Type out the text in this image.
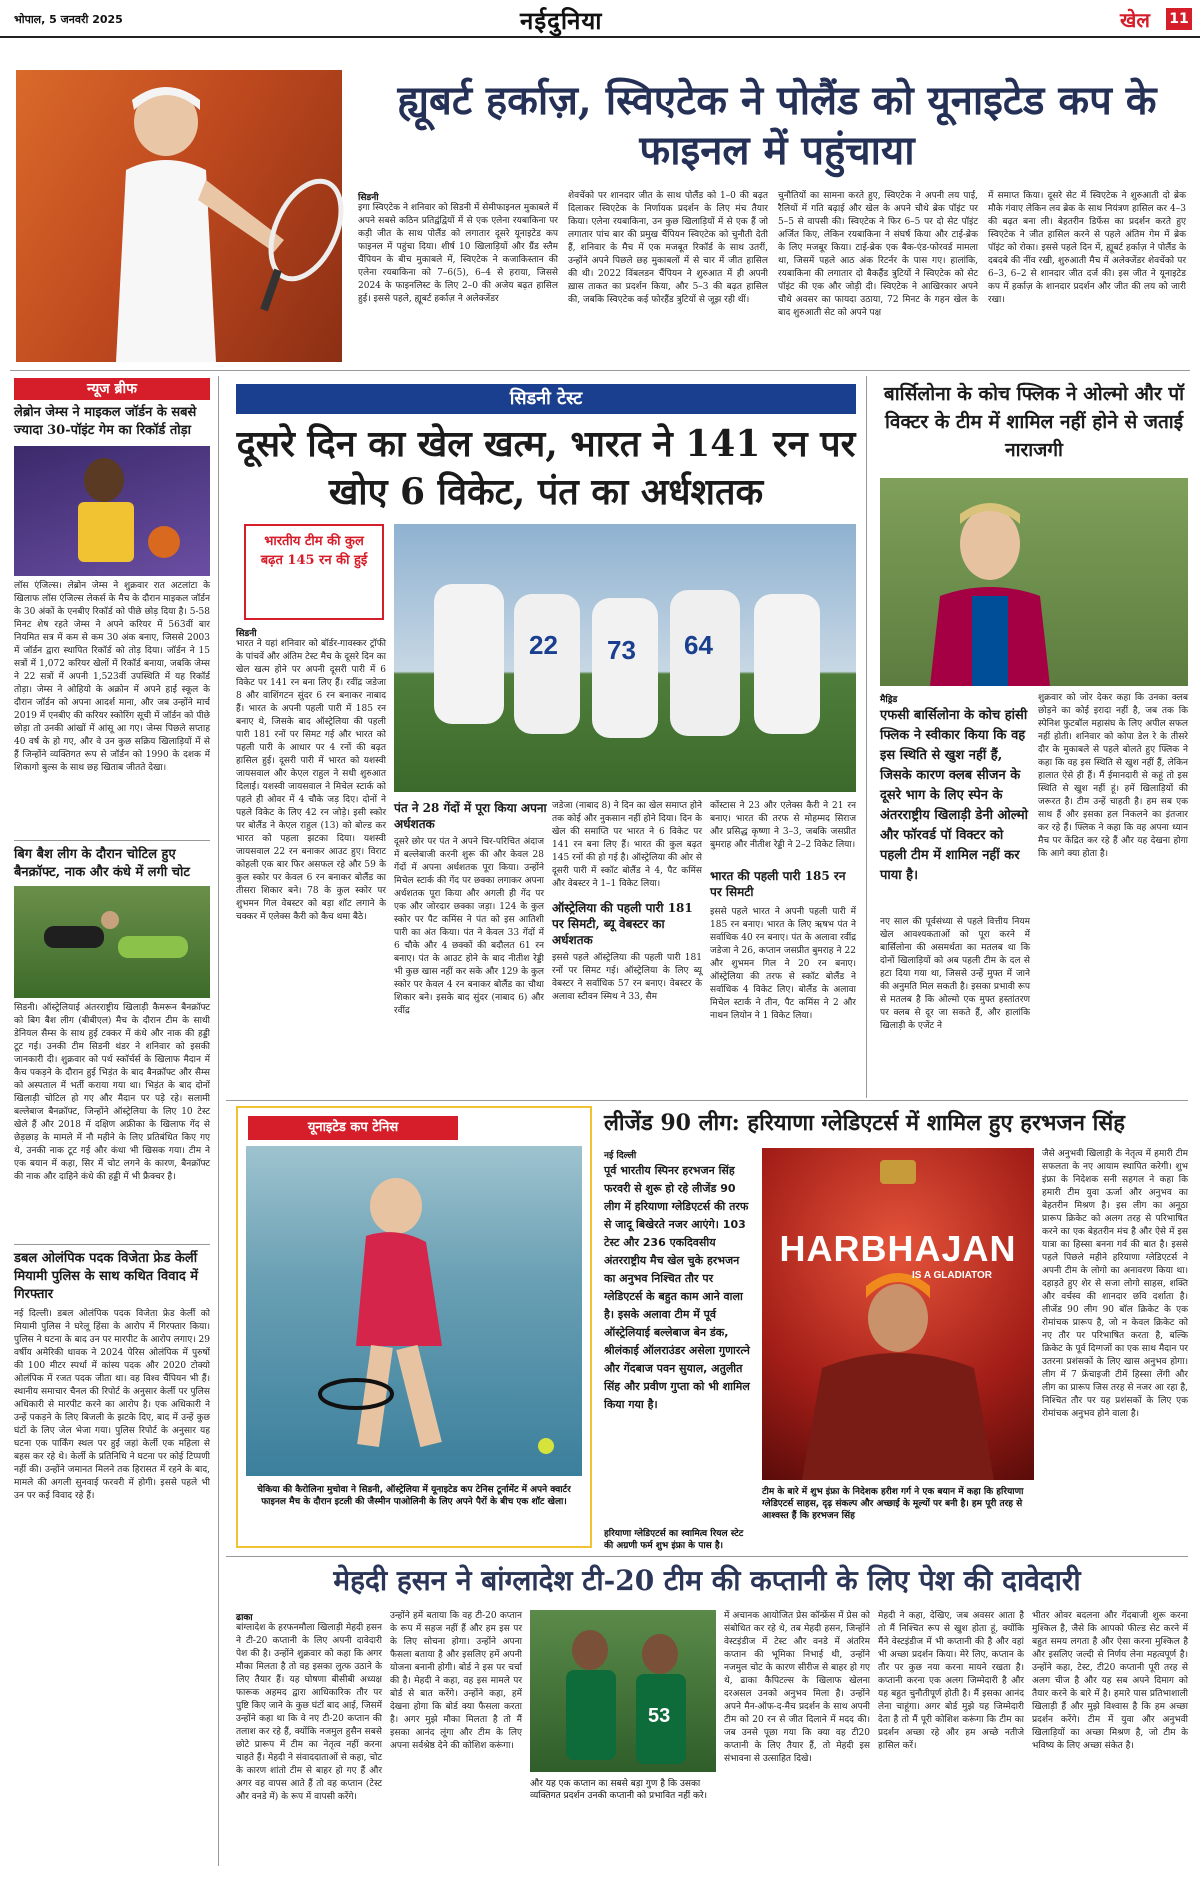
भोपाल, 5 जनवरी 2025	नईदुनिया	खेल 11
ह्यूबर्ट हर्काज़, स्विएटेक ने पोलैंड को यूनाइटेड कप के फाइनल में पहुंचाया
सिडनी

इगा स्विएटेक ने शनिवार को सिडनी में सेमीफाइनल मुकाबले में अपने सबसे कठिन प्रतिद्वंद्वियों में से एक एलेना रयबाकिना पर कड़ी जीत के साथ पोलैंड को लगातार दूसरे यूनाइटेड कप फाइनल में पहुंचा दिया। शीर्ष 10 खिलाड़ियों और ग्रैंड स्लैम चैंपियन के बीच मुकाबले में, स्विएटेक ने कजाकिस्तान की एलेना रयबाकिना को 7–6(5), 6–4 से हराया, जिससे 2024 के फाइनलिस्ट के लिए 2–0 की अजेय बढ़त हासिल हुई। इससे पहले, ह्यूबर्ट हर्काज़ ने अलेक्जेंडर

शेवचेंको पर शानदार जीत के साथ पोलैंड को 1–0 की बढ़त दिलाकर स्विएटेक के निर्णायक प्रदर्शन के लिए मंच तैयार किया। एलेना रयबाकिना, उन कुछ खिलाड़ियों में से एक हैं जो लगातार पांच बार की प्रमुख चैंपियन स्विएटेक को चुनौती देती हैं, शनिवार के मैच में एक मजबूत रिकॉर्ड के साथ उतरीं, उन्होंने अपने पिछले छह मुकाबलों में से चार में जीत हासिल की थी। 2022 विंबलडन चैंपियन ने शुरुआत में ही अपनी ख़ास ताकत का प्रदर्शन किया, और 5–3 की बढ़त हासिल की, जबकि स्विएटेक कई फोरहैंड त्रुटियों से जूझ रही थीं।

चुनौतियों का सामना करते हुए, स्विएटेक ने अपनी लय पाई, रैलियों में गति बढ़ाई और खेल के अपने चौथे ब्रेक पॉइंट पर 5–5 से वापसी की। स्विएटेक ने फिर 6–5 पर दो सेट पॉइंट अर्जित किए, लेकिन रयबाकिना ने संघर्ष किया और टाई-ब्रेक के लिए मजबूर किया। टाई-ब्रेक एक बैक-एंड-फोरवर्ड मामला था, जिसमें पहले आठ अंक रिटर्नर के पास गए। हालांकि, रयबाकिना की लगातार दो बैकहैंड त्रुटियों ने स्विएटेक को सेट पॉइंट की एक और जोड़ी दी। स्विएटेक ने आखिरकार अपने चौथे अवसर का फायदा उठाया, 72 मिनट के गहन खेल के बाद शुरुआती सेट को अपने पक्ष

में समाप्त किया। दूसरे सेट में स्विएटेक ने शुरुआती दो ब्रेक मौके गंवाए लेकिन लव ब्रेक के साथ नियंत्रण हासिल कर 4–3 की बढ़त बना ली। बेहतरीन डिफेंस का प्रदर्शन करते हुए स्विएटेक ने जीत हासिल करने से पहले अंतिम गेम में ब्रेक पॉइंट को रोका। इससे पहले दिन में, ह्यूबर्ट हर्काज़ ने पोलैंड के दबदबे की नींव रखी, शुरुआती मैच में अलेक्जेंडर शेवचेंको पर 6–3, 6–2 से शानदार जीत दर्ज की। इस जीत ने यूनाइटेड कप में हर्काज़ के शानदार प्रदर्शन और जीत की लय को जारी रखा।

न्यूज ब्रीफ
लेब्रोन जेम्स ने माइकल जॉर्डन के सबसे ज्यादा 30-पॉइंट गेम का रिकॉर्ड तोड़ा

लॉस एंजिल्स। लेब्रोन जेम्स ने शुक्रवार रात अटलांटा के खिलाफ लॉस एंजिल्स लेकर्स के मैच के दौरान माइकल जॉर्डन के 30 अंकों के एनबीए रिकॉर्ड को पीछे छोड़ दिया है। 5-58 मिनट शेष रहते जेम्स ने अपने करियर में 563वीं बार नियमित सत्र में कम से कम 30 अंक बनाए, जिससे 2003 में जॉर्डन द्वारा स्थापित रिकॉर्ड को तोड़ दिया। जॉर्डन ने 15 सत्रों में 1,072 करियर खेलों में रिकॉर्ड बनाया, जबकि जेम्स ने 22 सत्रों में अपनी 1,523वीं उपस्थिति में यह रिकॉर्ड तोड़ा। जेम्स ने ओहियो के अक्रोन में अपने हाई स्कूल के दौरान जॉर्डन को अपना आदर्श माना, और जब उन्होंने मार्च 2019 में एनबीए की करियर स्कोरिंग सूची में जॉर्डन को पीछे छोड़ा तो उनकी आंखों में आंसू आ गए। जेम्स पिछले सप्ताह 40 वर्ष के हो गए, और वे उन कुछ सक्रिय खिलाड़ियों में से हैं जिन्होंने व्यक्तिगत रूप से जॉर्डन को 1990 के दशक में शिकागो बुल्स के साथ छह खिताब जीतते देखा।

बिग बैश लीग के दौरान चोटिल हुए बैनक्रॉफ्ट, नाक और कंधे में लगी चोट

सिडनी। ऑस्ट्रेलियाई अंतरराष्ट्रीय खिलाड़ी कैमरून बैनक्रॉफ्ट को बिग बैश लीग (बीबीएल) मैच के दौरान टीम के साथी डेनियल सैम्स के साथ हुई टक्कर में कंधे और नाक की हड्डी टूट गई। उनकी टीम सिडनी थंडर ने शनिवार को इसकी जानकारी दी। शुक्रवार को पर्थ स्कॉर्चर्स के खिलाफ मैदान में कैच पकड़ने के दौरान हुई भिड़ंत के बाद बैनक्रॉफ्ट और सैम्स को अस्पताल में भर्ती कराया गया था। भिड़ंत के बाद दोनों खिलाड़ी चोटिल हो गए और मैदान पर पड़े रहे। सलामी बल्लेबाज बैनक्रॉफ्ट, जिन्होंने ऑस्ट्रेलिया के लिए 10 टेस्ट खेले हैं और 2018 में दक्षिण अफ्रीका के खिलाफ गेंद से छेड़छाड़ के मामले में नौ महीने के लिए प्रतिबंधित किए गए थे, उनकी नाक टूट गई और कंधा भी खिसक गया। टीम ने एक बयान में कहा, सिर में चोट लगने के कारण, बैनक्रॉफ्ट की नाक और दाहिने कंधे की हड्डी में भी फ्रैक्चर है।

डबल ओलंपिक पदक विजेता फ्रेड केर्ली मियामी पुलिस के साथ कथित विवाद में गिरफ्तार

नई दिल्ली। डबल ओलंपिक पदक विजेता फ्रेड केर्ली को मियामी पुलिस ने घरेलू हिंसा के आरोप में गिरफ्तार किया। पुलिस ने घटना के बाद उन पर मारपीट के आरोप लगाए। 29 वर्षीय अमेरिकी धावक ने 2024 पेरिस ओलंपिक में पुरुषों की 100 मीटर स्पर्धा में कांस्य पदक और 2020 टोक्यो ओलंपिक में रजत पदक जीता था। वह विश्व चैंपियन भी हैं। स्थानीय समाचार चैनल की रिपोर्ट के अनुसार केर्ली पर पुलिस अधिकारी से मारपीट करने का आरोप है। एक अधिकारी ने उन्हें पकड़ने के लिए बिजली के झटके दिए, बाद में उन्हें कुछ घंटों के लिए जेल भेजा गया। पुलिस रिपोर्ट के अनुसार यह घटना एक पार्किंग स्थल पर हुई जहां केर्ली एक महिला से बहस कर रहे थे। केर्ली के प्रतिनिधि ने घटना पर कोई टिप्पणी नहीं की। उन्होंने जमानत मिलने तक हिरासत में रहने के बाद, मामले की अगली सुनवाई फरवरी में होगी। इससे पहले भी उन पर कई विवाद रहे हैं।

सिडनी टेस्ट
दूसरे दिन का खेल खत्म, भारत ने 141 रन पर खोए 6 विकेट, पंत का अर्धशतक
भारतीय टीम की कुल बढ़त 145 रन की हुई
22 73 64
पंत ने 28 गेंदों में पूरा किया अपना अर्धशतक
सिडनी

भारत ने यहां शनिवार को बॉर्डर-गावस्कर ट्रॉफी के पांचवें और अंतिम टेस्ट मैच के दूसरे दिन का खेल खत्म होने पर अपनी दूसरी पारी में 6 विकेट पर 141 रन बना लिए हैं। रवींद्र जडेजा 8 और वाशिंगटन सुंदर 6 रन बनाकर नाबाद हैं। भारत के अपनी पहली पारी में 185 रन बनाए थे, जिसके बाद ऑस्ट्रेलिया की पहली पारी 181 रनों पर सिमट गई और भारत को पहली पारी के आधार पर 4 रनों की बढ़त हासिल हुई। दूसरी पारी में भारत को यशस्वी जायसवाल और केएल राहुल ने सधी शुरुआत दिलाई। यशस्वी जायसवाल ने मिचेल स्टार्क को पहले ही ओवर में 4 चौके जड़ दिए। दोनों ने पहले विकेट के लिए 42 रन जोड़े। इसी स्कोर पर बोलैंड ने केएल राहुल (13) को बोल्ड कर भारत को पहला झटका दिया। यशस्वी जायसवाल 22 रन बनाकर आउट हुए। विराट कोहली एक बार फिर असफल रहे और 59 के कुल स्कोर पर केवल 6 रन बनाकर बोलैंड का तीसरा शिकार बने। 78 के कुल स्कोर पर शुभमन गिल वेबस्टर को बड़ा शॉट लगाने के चक्कर में एलेक्स कैरी को कैच थमा बैठे।

दूसरे छोर पर पंत ने अपने चिर-परिचित अंदाज में बल्लेबाजी करनी शुरू की और केवल 28 गेंदों में अपना अर्धशतक पूरा किया। उन्होंने मिचेल स्टार्क की गेंद पर छक्का लगाकर अपना अर्धशतक पूरा किया और अगली ही गेंद पर एक और जोरदार छक्का जड़ा। 124 के कुल स्कोर पर पैट कमिंस ने पंत को इस आतिशी पारी का अंत किया। पंत ने केवल 33 गेंदों में 6 चौके और 4 छक्कों की बदौलत 61 रन बनाए। पंत के आउट होने के बाद नीतीश रेड्डी भी कुछ खास नहीं कर सके और 129 के कुल स्कोर पर केवल 4 रन बनाकर बोलैंड का चौथा शिकार बने। इसके बाद सुंदर (नाबाद 6) और रवींद्र

जडेजा (नाबाद 8) ने दिन का खेल समाप्त होने तक कोई और नुकसान नहीं होने दिया। दिन के खेल की समाप्ति पर भारत ने 6 विकेट पर 141 रन बना लिए हैं। भारत की कुल बढ़त 145 रनों की हो गई है। ऑस्ट्रेलिया की ओर से दूसरी पारी में स्कॉट बोलैंड ने 4, पैट कमिंस और वेबस्टर ने 1–1 विकेट लिया।

ऑस्ट्रेलिया की पहली पारी 181 पर सिमटी, ब्यू वेबस्टर का अर्धशतक

इससे पहले ऑस्ट्रेलिया की पहली पारी 181 रनों पर सिमट गई। ऑस्ट्रेलिया के लिए ब्यू वेबस्टर ने सर्वाधिक 57 रन बनाए। वेबस्टर के अलावा स्टीवन स्मिथ ने 33, सैम

कोंस्टास ने 23 और एलेक्स कैरी ने 21 रन बनाए। भारत की तरफ से मोहम्मद सिराज और प्रसिद्ध कृष्णा ने 3–3, जबकि जसप्रीत बुमराह और नीतीश रेड्डी ने 2–2 विकेट लिया।

भारत की पहली पारी 185 रन पर सिमटी

इससे पहले भारत ने अपनी पहली पारी में 185 रन बनाए। भारत के लिए ऋषभ पंत ने सर्वाधिक 40 रन बनाए। पंत के अलावा रवींद्र जडेजा ने 26, कप्तान जसप्रीत बुमराह ने 22 और शुभमन गिल ने 20 रन बनाए। ऑस्ट्रेलिया की तरफ से स्कॉट बोलैंड ने सर्वाधिक 4 विकेट लिए। बोलैंड के अलावा मिचेल स्टार्क ने तीन, पैट कमिंस ने 2 और नाथन लियोन ने 1 विकेट लिया।

बार्सिलोना के कोच फ्लिक ने ओल्मो और पॉ विक्टर के टीम में शामिल नहीं होने से जताई नाराजगी
मैड्रिड
एफसी बार्सिलोना के कोच हांसी फ्लिक ने स्वीकार किया कि वह इस स्थिति से खुश नहीं हैं, जिसके कारण क्लब सीजन के दूसरे भाग के लिए स्पेन के अंतरराष्ट्रीय खिलाड़ी डेनी ओल्मो और फॉरवर्ड पॉ विक्टर को पहली टीम में शामिल नहीं कर पाया है।

नए साल की पूर्वसंध्या से पहले वित्तीय नियम खेल आवश्यकताओं को पूरा करने में बार्सिलोना की असमर्थता का मतलब था कि दोनों खिलाड़ियों को अब पहली टीम के दल से हटा दिया गया था, जिससे उन्हें मुफ्त में जाने की अनुमति मिल सकती है। इसका प्रभावी रूप से मतलब है कि ओल्मो एक मुफ्त हस्तांतरण पर क्लब से दूर जा सकते हैं, और हालांकि खिलाड़ी के एजेंट ने

शुक्रवार को जोर देकर कहा कि उनका क्लब छोड़ने का कोई इरादा नहीं है, जब तक कि स्पेनिश फुटबॉल महासंघ के लिए अपील सफल नहीं होती। शनिवार को कोपा डेल रे के तीसरे दौर के मुकाबले से पहले बोलते हुए फ्लिक ने कहा कि वह इस स्थिति से खुश नहीं हैं, लेकिन हालात ऐसे ही हैं। मैं ईमानदारी से कहूं तो इस स्थिति से खुश नहीं हूं। हमें खिलाड़ियों की जरूरत है। टीम उन्हें चाहती है। हम सब एक साथ हैं और इसका हल निकलने का इंतजार कर रहे हैं। फ्लिक ने कहा कि वह अपना ध्यान मैच पर केंद्रित कर रहे हैं और यह देखना होगा कि आगे क्या होता है।

यूनाइटेड कप टेनिस
चेकिया की कैरोलिना मुचोवा ने सिडनी, ऑस्ट्रेलिया में यूनाइटेड कप टेनिस टूर्नामेंट में अपने क्वार्टर फाइनल मैच के दौरान इटली की जैस्मीन पाओलिनी के लिए अपने पैरों के बीच एक शॉट खेला।
लीजेंड 90 लीग: हरियाणा ग्लेडिएटर्स में शामिल हुए हरभजन सिंह
नई दिल्ली
पूर्व भारतीय स्पिनर हरभजन सिंह फरवरी से शुरू हो रहे लीजेंड 90 लीग में हरियाणा ग्लेडिएटर्स की तरफ से जादू बिखेरते नजर आएंगे। 103 टेस्ट और 236 एकदिवसीय अंतरराष्ट्रीय मैच खेल चुके हरभजन का अनुभव निश्चित तौर पर ग्लेडिएटर्स के बहुत काम आने वाला है। इसके अलावा टीम में पूर्व ऑस्ट्रेलियाई बल्लेबाज बेन डंक, श्रीलंकाई ऑलराउंडर असेला गुणारत्ने और गेंदबाज पवन सुयाल, अतुलीत सिंह और प्रवीण गुप्ता को भी शामिल किया गया है।
HARBHAJAN
IS A GLADIATOR
हरियाणा ग्लेडिएटर्स का स्वामित्व रियल स्टेट की अग्रणी फर्म शुभ इंफ्रा के पास है।
टीम के बारे में शुभ इंफ्रा के निदेशक हरीश गर्ग ने एक बयान में कहा कि हरियाणा ग्लेडिएटर्स साहस, दृढ़ संकल्प और अच्छाई के मूल्यों पर बनी है। हम पूरी तरह से आश्वस्त हैं कि हरभजन सिंह

जैसे अनुभवी खिलाड़ी के नेतृत्व में हमारी टीम सफलता के नए आयाम स्थापित करेगी। शुभ इंफ्रा के निदेशक सनी सहगल ने कहा कि हमारी टीम युवा ऊर्जा और अनुभव का बेहतरीन मिश्रण है। इस लीग का अनूठा प्रारूप क्रिकेट को अलग तरह से परिभाषित करने का एक बेहतरीन मंच है और ऐसे में इस यात्रा का हिस्सा बनना गर्व की बात है। इससे पहले पिछले महीने हरियाणा ग्लेडिएटर्स ने अपनी टीम के लोगो का अनावरण किया था। दहाड़ते हुए शेर से सजा लोगो साहस, शक्ति और वर्चस्व की शानदार छवि दर्शाता है। लीजेंड 90 लीग 90 बॉल क्रिकेट के एक रोमांचक प्रारूप है, जो न केवल क्रिकेट को नए तौर पर परिभाषित करता है, बल्कि क्रिकेट के पूर्व दिग्गजों का एक साथ मैदान पर उतरना प्रशंसकों के लिए खास अनुभव होगा। लीग में 7 फ्रेंचाइजी टीमें हिस्सा लेंगी और लीग का प्रारूप जिस तरह से नजर आ रहा है, निश्चित तौर पर यह प्रशंसकों के लिए एक रोमांचक अनुभव होने वाला है।

मेहदी हसन ने बांग्लादेश टी-20 टीम की कप्तानी के लिए पेश की दावेदारी
ढाका

बांग्लादेश के हरफनमौला खिलाड़ी मेहदी हसन ने टी-20 कप्तानी के लिए अपनी दावेदारी पेश की है। उन्होंने शुक्रवार को कहा कि अगर मौका मिलता है तो वह इसका लुत्फ उठाने के लिए तैयार हैं। यह घोषणा बीसीबी अध्यक्ष फारूक अहमद द्वारा आधिकारिक तौर पर पुष्टि किए जाने के कुछ घंटों बाद आई, जिसमें उन्होंने कहा था कि वे नए टी-20 कप्तान की तलाश कर रहे हैं, क्योंकि नजमुल हुसैन सबसे छोटे प्रारूप में टीम का नेतृत्व नहीं करना चाहते हैं। मेहदी ने संवाददाताओं से कहा, चोट के कारण शांतो टीम से बाहर हो गए हैं और अगर वह वापस आते हैं तो वह कप्तान (टेस्ट और वनडे में) के रूप में वापसी करेंगे।

उन्होंने हमें बताया कि वह टी-20 कप्तान के रूप में सहज नहीं हैं और हम इस पर के लिए सोचना होगा। उन्होंने अपना फैसला बताया है और इसलिए हमें अपनी योजना बनानी होगी। बोर्ड ने इस पर चर्चा की है। मेहदी ने कहा, वह इस मामले पर बोर्ड से बात करेंगे। उन्होंने कहा, हमें देखना होगा कि बोर्ड क्या फैसला करता है। अगर मुझे मौका मिलता है तो मैं इसका आनंद लूंगा और टीम के लिए अपना सर्वश्रेष्ठ देने की कोशिश करूंगा।

53
और यह एक कप्तान का सबसे बड़ा गुण है कि उसका व्यक्तिगत प्रदर्शन उनकी कप्तानी को प्रभावित नहीं करे।

में अचानक आयोजित प्रेस कॉन्फ्रेंस में प्रेस को संबोधित कर रहे थे, तब मेहदी हसन, जिन्होंने वेस्टइंडीज में टेस्ट और वनडे में अंतरिम कप्तान की भूमिका निभाई थी, उन्होंने नजमुल चोट के कारण सीरीज से बाहर हो गए थे, ढाका कैपिटल्स के खिलाफ खेलना दरअसल उनको अनुभव मिला है। उन्होंने अपने मैन-ऑफ-द-मैच प्रदर्शन के साथ अपनी टीम को 20 रन से जीत दिलाने में मदद की। जब उनसे पूछा गया कि क्या वह टी20 कप्तानी के लिए तैयार हैं, तो मेहदी इस संभावना से उत्साहित दिखे।

मेहदी ने कहा, देखिए, जब अवसर आता है तो मैं निश्चित रूप से खुश होता हूं, क्योंकि मैंने वेस्टइंडीज में भी कप्तानी की है और वहां भी अच्छा प्रदर्शन किया। मेरे लिए, कप्तान के तौर पर कुछ नया करना मायने रखता है। कप्तानी करना एक अलग जिम्मेदारी है और यह बहुत चुनौतीपूर्ण होती है। मैं इसका आनंद लेना चाहूंगा। अगर बोर्ड मुझे यह जिम्मेदारी देता है तो मैं पूरी कोशिश करूंगा कि टीम का प्रदर्शन अच्छा रहे और हम अच्छे नतीजे हासिल करें।

भीतर ओवर बदलना और गेंदबाजी शुरू करना मुश्किल है, जैसे कि आपको फील्ड सेट करने में बहुत समय लगता है और ऐसा करना मुश्किल है और इसलिए जल्दी से निर्णय लेना महत्वपूर्ण है। उन्होंने कहा, टेस्ट, टी20 कप्तानी पूरी तरह से अलग चीज है और यह सब अपने दिमाग को तैयार करने के बारे में है। हमारे पास प्रतिभाशाली खिलाड़ी हैं और मुझे विश्वास है कि हम अच्छा प्रदर्शन करेंगे। टीम में युवा और अनुभवी खिलाड़ियों का अच्छा मिश्रण है, जो टीम के भविष्य के लिए अच्छा संकेत है।
